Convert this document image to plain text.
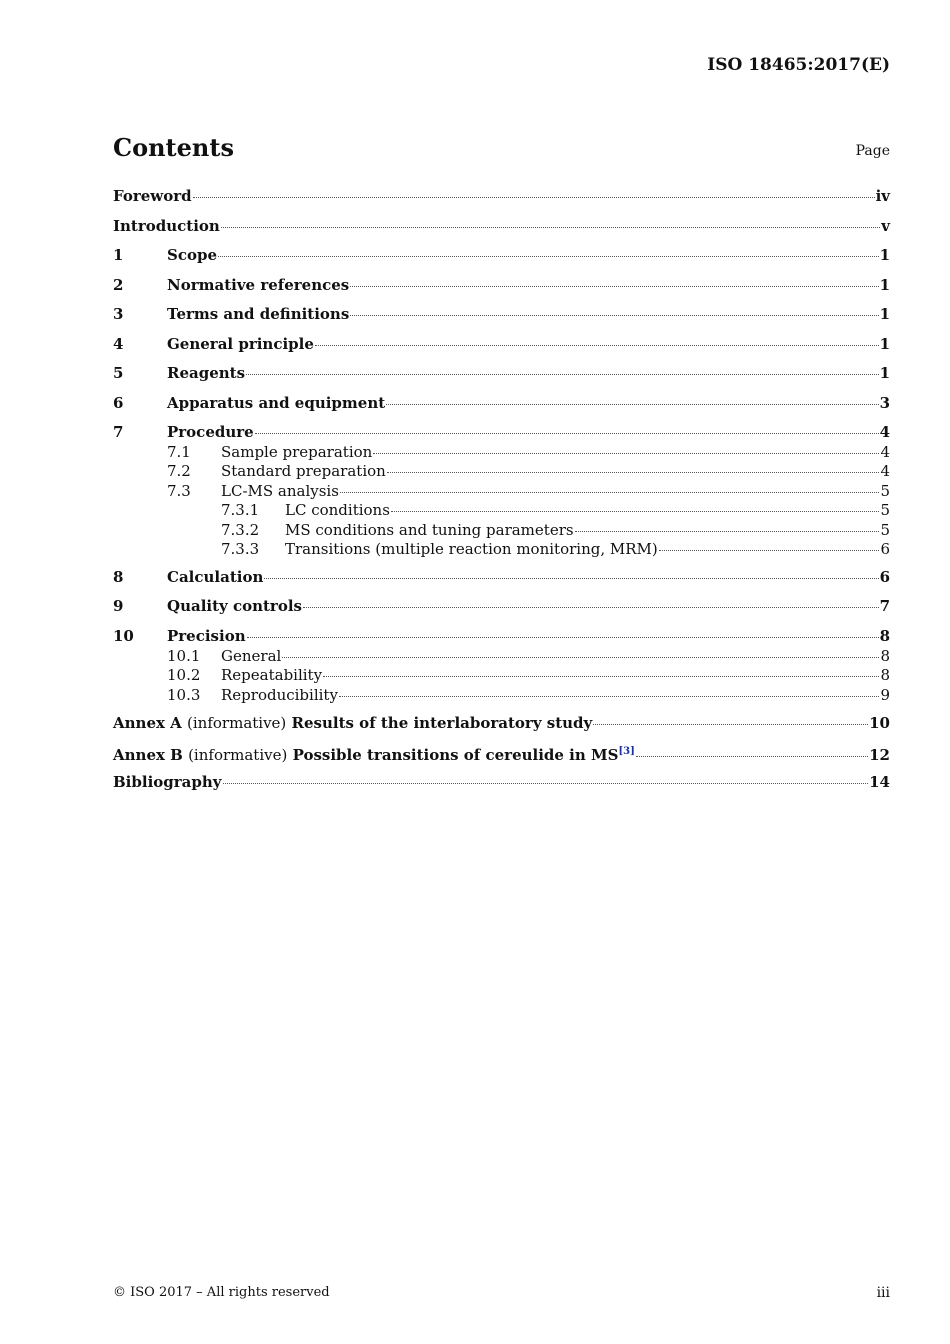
ISO 18465:2017(E)
Contents	Page
Foreword	iv
Introduction	v
1	Scope	1
2	Normative references	1
3	Terms and definitions	1
4	General principle	1
5	Reagents	1
6	Apparatus and equipment	3
7	Procedure	4
7.1	Sample preparation	4
7.2	Standard preparation	4
7.3	LC-MS analysis	5
7.3.1	LC conditions	5
7.3.2	MS conditions and tuning parameters	5
7.3.3	Transitions (multiple reaction monitoring, MRM)	6
8	Calculation	6
9	Quality controls	7
10	Precision	8
10.1	General	8
10.2	Repeatability	8
10.3	Reproducibility	9
Annex A (informative) Results of the interlaboratory study	10
Annex B (informative) Possible transitions of cereulide in MS[3]	12
Bibliography	14
© ISO 2017 – All rights reserved	iii
